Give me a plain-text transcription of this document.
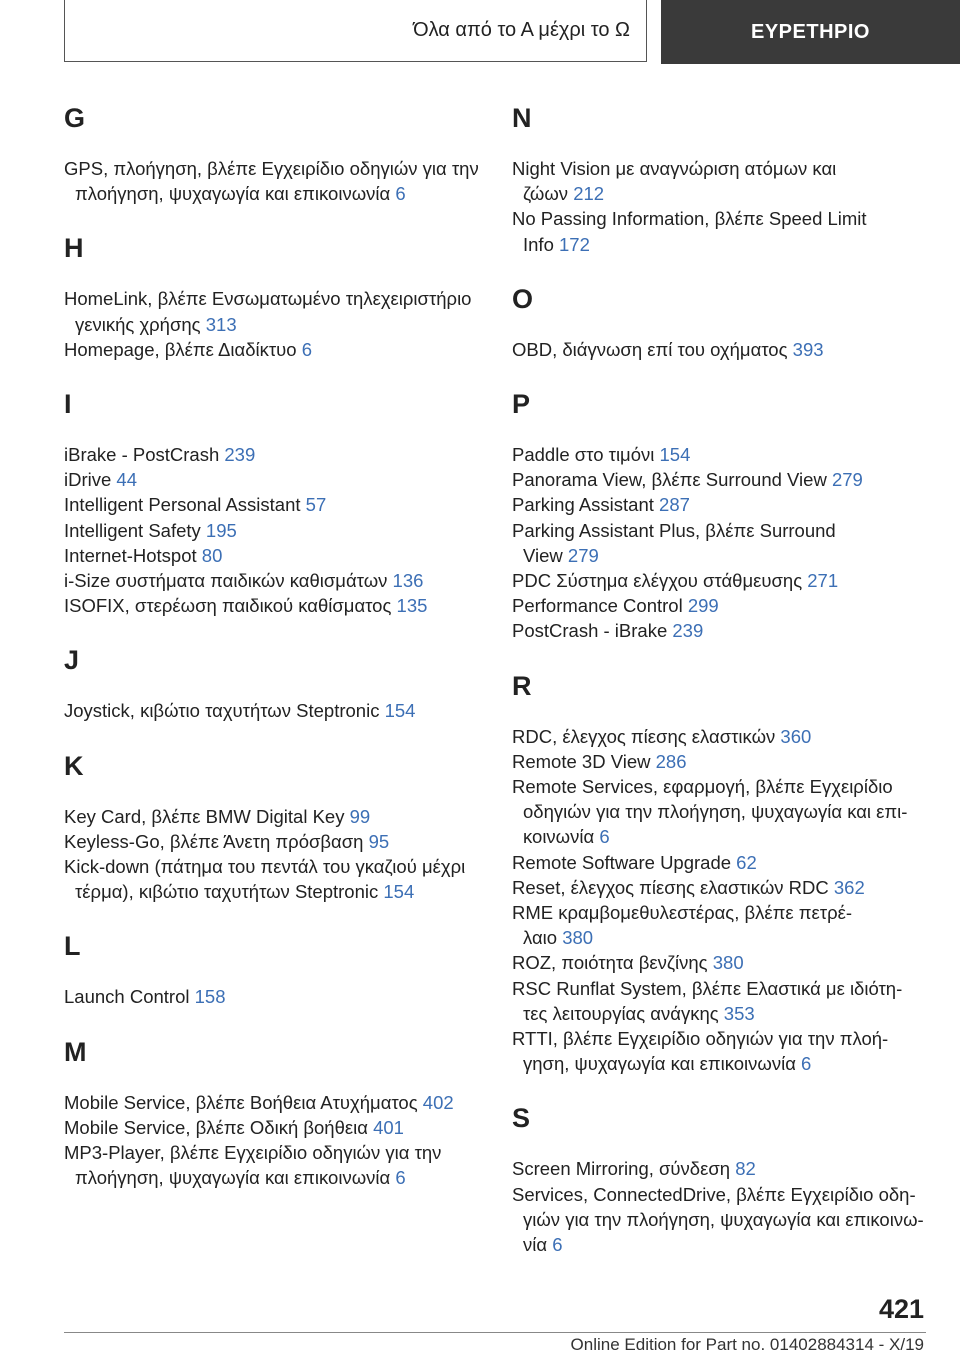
Όλα από το Α μέχρι το Ω	ΕΥΡΕΤΗΡΙΟ
G
GPS, πλοήγηση, βλέπε Εγχειρίδιο οδηγιών για την
πλοήγηση, ψυχαγωγία και επικοινωνία 6
H
HomeLink, βλέπε Ενσωματωμένο τηλεχειριστήριο
γενικής χρήσης 313
Homepage, βλέπε Διαδίκτυο 6
I
iBrake - PostCrash 239
iDrive 44
Intelligent Personal Assistant 57
Intelligent Safety 195
Internet-Hotspot 80
i-Size συστήματα παιδικών καθισμάτων 136
ISOFIX, στερέωση παιδικού καθίσματος 135
J
Joystick, κιβώτιο ταχυτήτων Steptronic 154
K
Key Card, βλέπε BMW Digital Key 99
Keyless-Go, βλέπε Άνετη πρόσβαση 95
Kick-down (πάτημα του πεντάλ του γκαζιού μέχρι
τέρμα), κιβώτιο ταχυτήτων Steptronic 154
L
Launch Control 158
M
Mobile Service, βλέπε Βοήθεια Ατυχήματος 402
Mobile Service, βλέπε Οδική βοήθεια 401
MP3-Player, βλέπε Εγχειρίδιο οδηγιών για την
πλοήγηση, ψυχαγωγία και επικοινωνία 6
N
Night Vision με αναγνώριση ατόμων και
ζώων 212
No Passing Information, βλέπε Speed Limit
Info 172
O
OBD, διάγνωση επί του οχήματος 393
P
Paddle στο τιμόνι 154
Panorama View, βλέπε Surround View 279
Parking Assistant 287
Parking Assistant Plus, βλέπε Surround
View 279
PDC Σύστημα ελέγχου στάθμευσης 271
Performance Control 299
PostCrash - iBrake 239
R
RDC, έλεγχος πίεσης ελαστικών 360
Remote 3D View 286
Remote Services, εφαρμογή, βλέπε Εγχειρίδιο
οδηγιών για την πλοήγηση, ψυχαγωγία και επι-
κοινωνία 6
Remote Software Upgrade 62
Reset, έλεγχος πίεσης ελαστικών RDC 362
RME κραμβομεθυλεστέρας, βλέπε πετρέ-
λαιο 380
ROZ, ποιότητα βενζίνης 380
RSC Runflat System, βλέπε Ελαστικά με ιδιότη-
τες λειτουργίας ανάγκης 353
RTTI, βλέπε Εγχειρίδιο οδηγιών για την πλοή-
γηση, ψυχαγωγία και επικοινωνία 6
S
Screen Mirroring, σύνδεση 82
Services, ConnectedDrive, βλέπε Εγχειρίδιο οδη-
γιών για την πλοήγηση, ψυχαγωγία και επικοινω-
νία 6
421
Online Edition for Part no. 01402884314 - X/19
